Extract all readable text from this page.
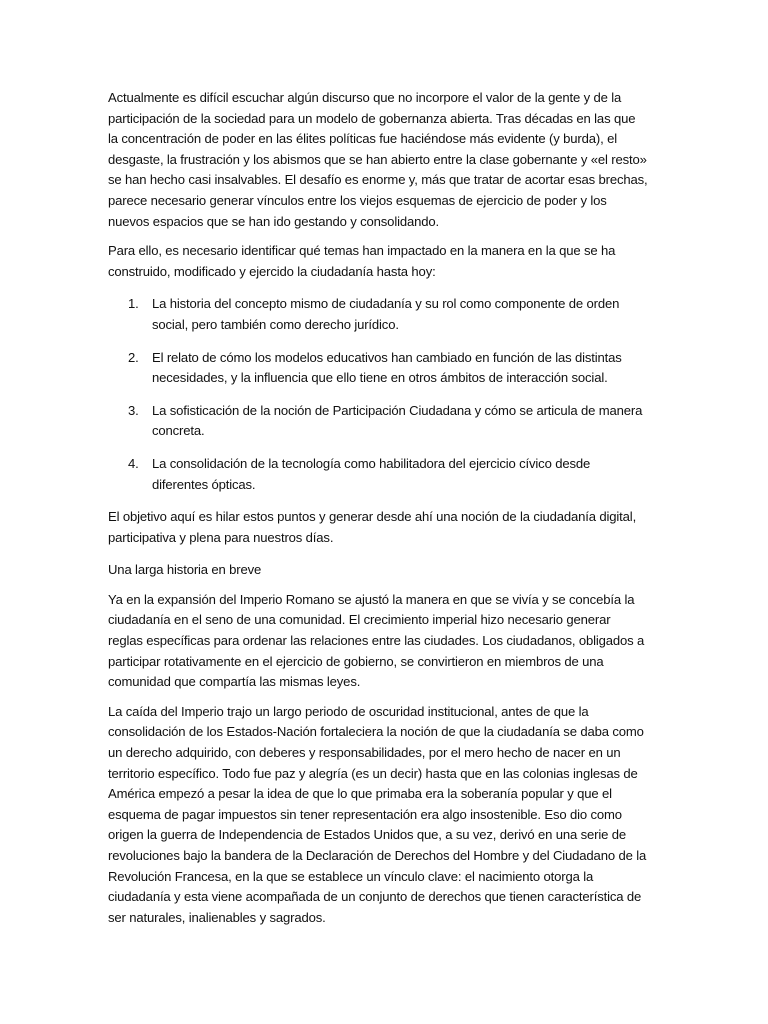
Actualmente es difícil escuchar algún discurso que no incorpore el valor de la gente y de la participación de la sociedad para un modelo de gobernanza abierta. Tras décadas en las que la concentración de poder en las élites políticas fue haciéndose más evidente (y burda), el desgaste, la frustración y los abismos que se han abierto entre la clase gobernante y «el resto» se han hecho casi insalvables. El desafío es enorme y, más que tratar de acortar esas brechas, parece necesario generar vínculos entre los viejos esquemas de ejercicio de poder y los nuevos espacios que se han ido gestando y consolidando.

Para ello, es necesario identificar qué temas han impactado en la manera en la que se ha construido, modificado y ejercido la ciudadanía hasta hoy:

1. La historia del concepto mismo de ciudadanía y su rol como componente de orden social, pero también como derecho jurídico.
2. El relato de cómo los modelos educativos han cambiado en función de las distintas necesidades, y la influencia que ello tiene en otros ámbitos de interacción social.
3. La sofisticación de la noción de Participación Ciudadana y cómo se articula de manera concreta.
4. La consolidación de la tecnología como habilitadora del ejercicio cívico desde diferentes ópticas.

El objetivo aquí es hilar estos puntos y generar desde ahí una noción de la ciudadanía digital, participativa y plena para nuestros días.

Una larga historia en breve

Ya en la expansión del Imperio Romano se ajustó la manera en que se vivía y se concebía la ciudadanía en el seno de una comunidad. El crecimiento imperial hizo necesario generar reglas específicas para ordenar las relaciones entre las ciudades. Los ciudadanos, obligados a participar rotativamente en el ejercicio de gobierno, se convirtieron en miembros de una comunidad que compartía las mismas leyes.

La caída del Imperio trajo un largo periodo de oscuridad institucional, antes de que la consolidación de los Estados-Nación fortaleciera la noción de que la ciudadanía se daba como un derecho adquirido, con deberes y responsabilidades, por el mero hecho de nacer en un territorio específico. Todo fue paz y alegría (es un decir) hasta que en las colonias inglesas de América empezó a pesar la idea de que lo que primaba era la soberanía popular y que el esquema de pagar impuestos sin tener representación era algo insostenible. Eso dio como origen la guerra de Independencia de Estados Unidos que, a su vez, derivó en una serie de revoluciones bajo la bandera de la Declaración de Derechos del Hombre y del Ciudadano de la Revolución Francesa, en la que se establece un vínculo clave: el nacimiento otorga la ciudadanía y esta viene acompañada de un conjunto de derechos que tienen característica de ser naturales, inalienables y sagrados.
